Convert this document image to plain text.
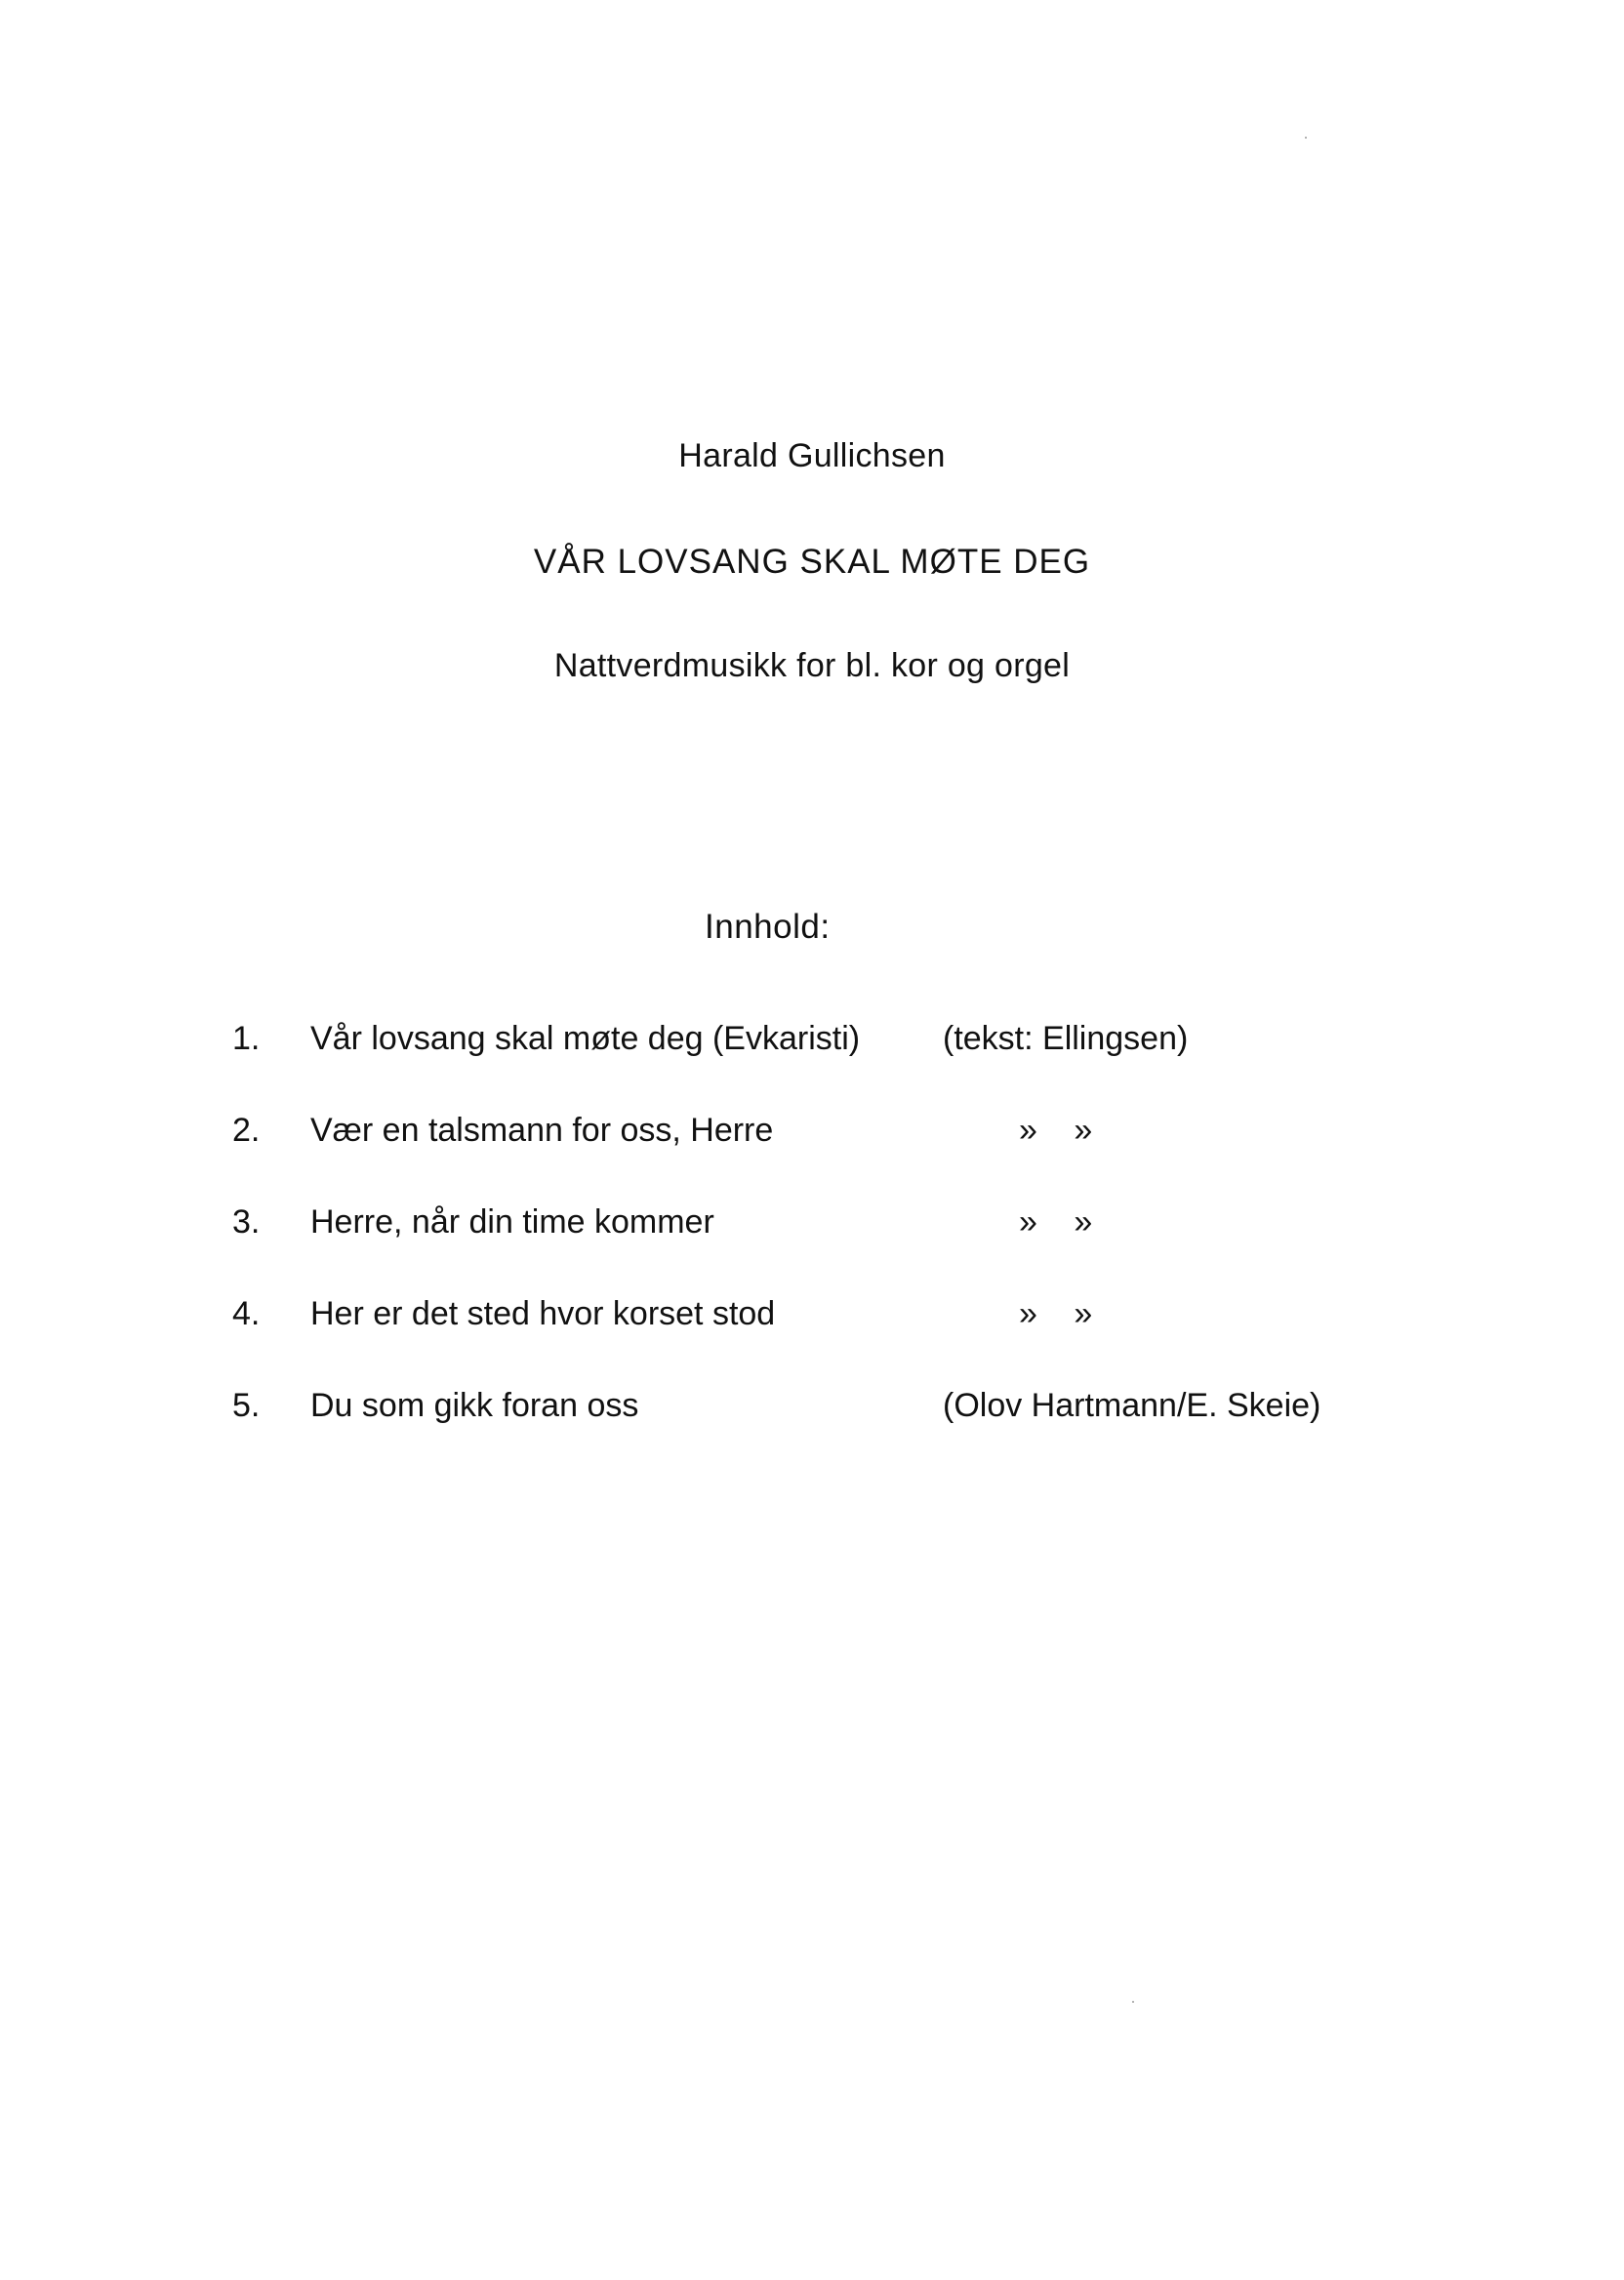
Harald Gullichsen
VÅR LOVSANG SKAL MØTE DEG
Nattverdmusikk for bl. kor og orgel
Innhold:
1. Vår lovsang skal møte deg (Evkaristi) (tekst: Ellingsen)
2. Vær en talsmann for oss, Herre	» »
3. Herre, når din time kommer	» »
4. Her er det sted hvor korset stod	» »
5. Du som gikk foran oss	(Olov Hartmann/E. Skeie)
